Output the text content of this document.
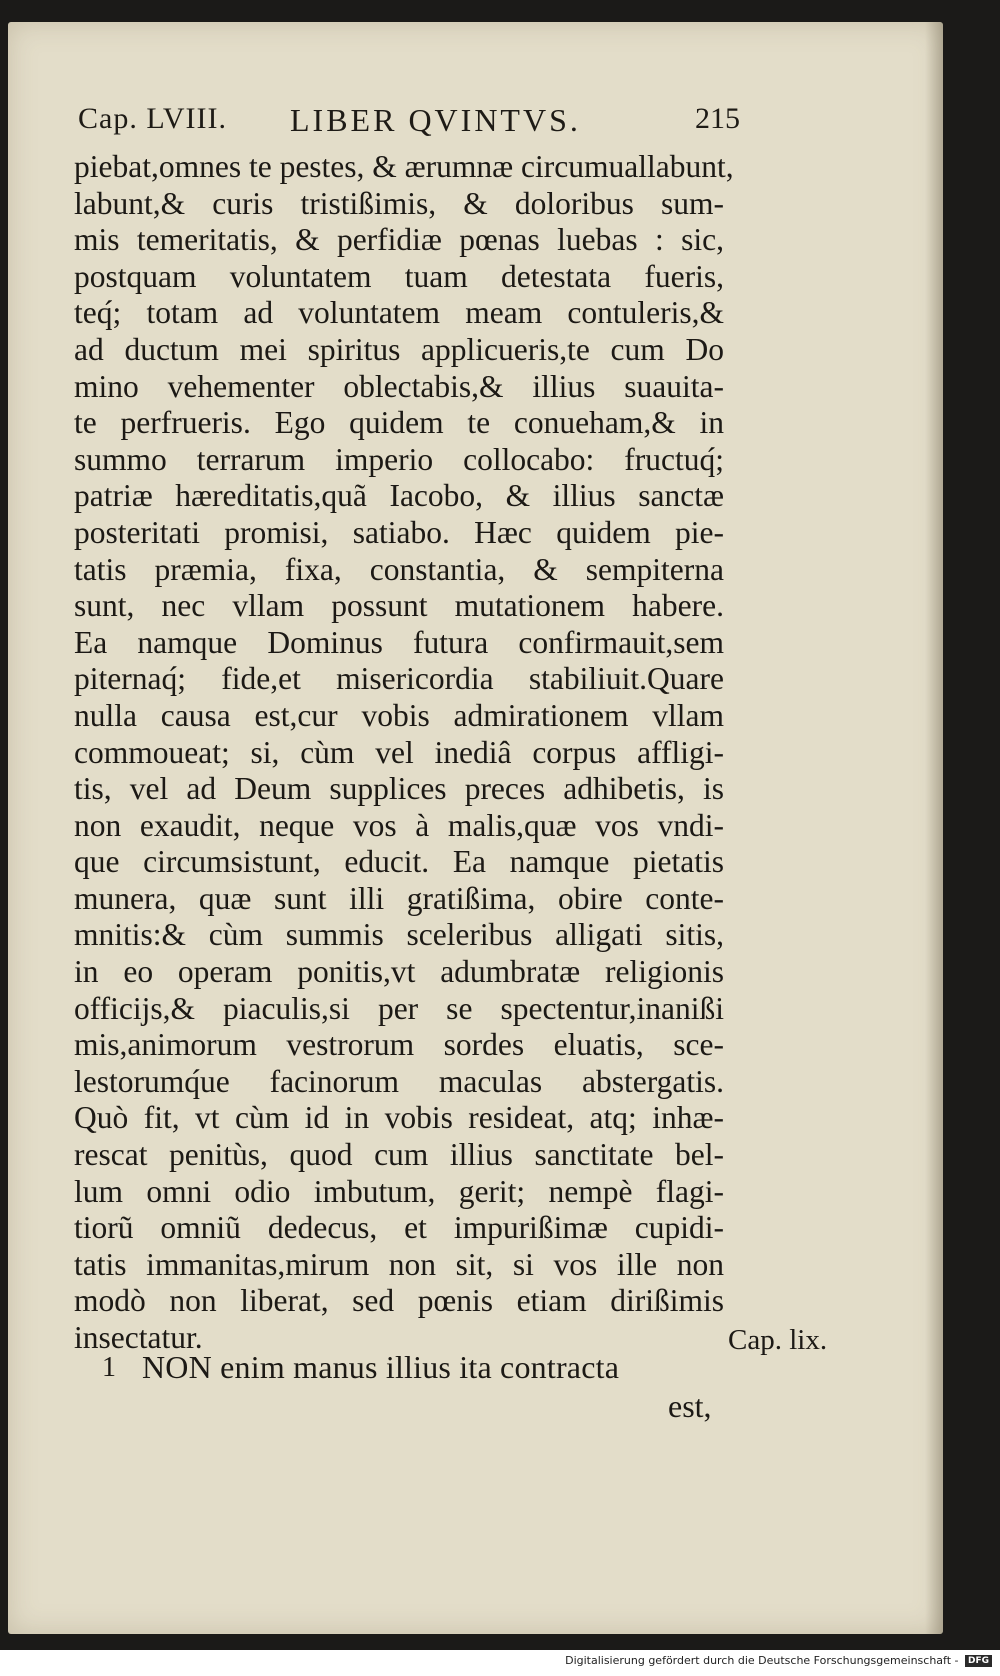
Cap. LVIII. LIBER QVINTVS.	215
piebat,omnes te pestes, & ærumnæ circumuallabunt,
labunt,& curis tristißimis, & doloribus sum-
mis temeritatis, & perfidiæ pœnas luebas : sic,
postquam voluntatem tuam detestata fueris,
teq́; totam ad voluntatem meam contuleris,&
ad ductum mei spiritus applicueris,te cum Do
mino vehementer oblectabis,& illius suauita-
te perfrueris. Ego quidem te conueham,& in
summo terrarum imperio collocabo: fructuq́;
patriæ hæreditatis,quã Iacobo, & illius sanctæ
posteritati promisi, satiabo. Hæc quidem pie-
tatis præmia, fixa, constantia, & sempiterna
sunt, nec vllam possunt mutationem habere.
Ea namque Dominus futura confirmauit,sem
piternaq́; fide,et misericordia stabiliuit.Quare
nulla causa est,cur vobis admirationem vllam
commoueat; si, cùm vel inediâ corpus affligi-
tis, vel ad Deum supplices preces adhibetis, is
non exaudit, neque vos à malis,quæ vos vndi-
que circumsistunt, educit. Ea namque pietatis
munera, quæ sunt illi gratißima, obire conte-
mnitis:& cùm summis sceleribus alligati sitis,
in eo operam ponitis,vt adumbratæ religionis
officijs,& piaculis,si per se spectentur,inanißi
mis,animorum vestrorum sordes eluatis, sce-
lestorumq́ue facinorum maculas abstergatis.
Quò fit, vt cùm id in vobis resideat, atq; inhæ-
rescat penitùs, quod cum illius sanctitate bel-
lum omni odio imbutum, gerit; nempè flagi-
tiorũ omniũ dedecus, et impurißimæ cupidi-
tatis immanitas,mirum non sit, si vos ille non
modò non liberat, sed pœnis etiam dirißimis
insectatur.	Cap. lix.
1 NON enim manus illius ita contracta
est,
Digitalisierung gefördert durch die Deutsche Forschungsgemeinschaft - DFG
